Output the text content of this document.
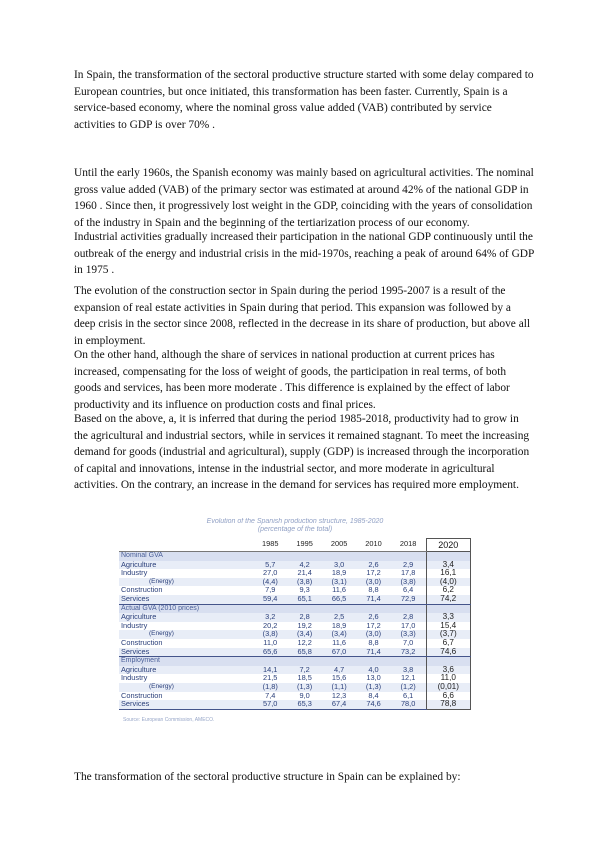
In Spain, the transformation of the sectoral productive structure started with some delay compared to European countries, but once initiated, this transformation has been faster. Currently, Spain is a service-based economy, where the nominal gross value added (VAB) contributed by service activities to GDP is over 70% .

Until the early 1960s, the Spanish economy was mainly based on agricultural activities. The nominal gross value added (VAB) of the primary sector was estimated at around 42% of the national GDP in 1960 . Since then, it progressively lost weight in the GDP, coinciding with the years of consolidation of the industry in Spain and the beginning of the tertiarization process of our economy.

Industrial activities gradually increased their participation in the national GDP continuously until the outbreak of the energy and industrial crisis in the mid-1970s, reaching a peak of around 64% of GDP in 1975 .

The evolution of the construction sector in Spain during the period 1995-2007 is a result of the expansion of real estate activities in Spain during that period. This expansion was followed by a deep crisis in the sector since 2008, reflected in the decrease in its share of production, but above all in employment.

On the other hand, although the share of services in national production at current prices has increased, compensating for the loss of weight of goods, the participation in real terms, of both goods and services, has been more moderate . This difference is explained by the effect of labor productivity and its influence on production costs and final prices.

Based on the above, a, it is inferred that during the period 1985-2018, productivity had to grow in the agricultural and industrial sectors, while in services it remained stagnant. To meet the increasing demand for goods (industrial and agricultural), supply (GDP) is increased through the incorporation of capital and innovations, intense in the industrial sector, and more moderate in agricultural activities. On the contrary, an increase in the demand for services has required more employment.

Evolution of the Spanish production structure, 1985-2020
(percentage of the total)
	1985	1995	2005	2010	2018	2020
Nominal GVA						
Agriculture	5,7	4,2	3,0	2,6	2,9	3,4
Industry	27,0	21,4	18,9	17,2	17,8	16,1
(Energy)	(4,4)	(3,8)	(3,1)	(3,0)	(3,8)	(4,0)
Construction	7,9	9,3	11,6	8,8	6,4	6,2
Services	59,4	65,1	66,5	71,4	72,9	74,2
Actual GVA (2010 prices)						
Agriculture	3,2	2,8	2,5	2,6	2,8	3,3
Industry	20,2	19,2	18,9	17,2	17,0	15,4
(Energy)	(3,8)	(3,4)	(3,4)	(3,0)	(3,3)	(3,7)
Construction	11,0	12,2	11,6	8,8	7,0	6,7
Services	65,6	65,8	67,0	71,4	73,2	74,6
Employment						
Agriculture	14,1	7,2	4,7	4,0	3,8	3,6
Industry	21,5	18,5	15,6	13,0	12,1	11,0
(Energy)	(1,8)	(1,3)	(1,1)	(1,3)	(1,2)	(0,01)
Construction	7,4	9,0	12,3	8,4	6,1	6,6
Services	57,0	65,3	67,4	74,6	78,0	78,8
Source: European Commission, AMECO.

The transformation of the sectoral productive structure in Spain can be explained by:
